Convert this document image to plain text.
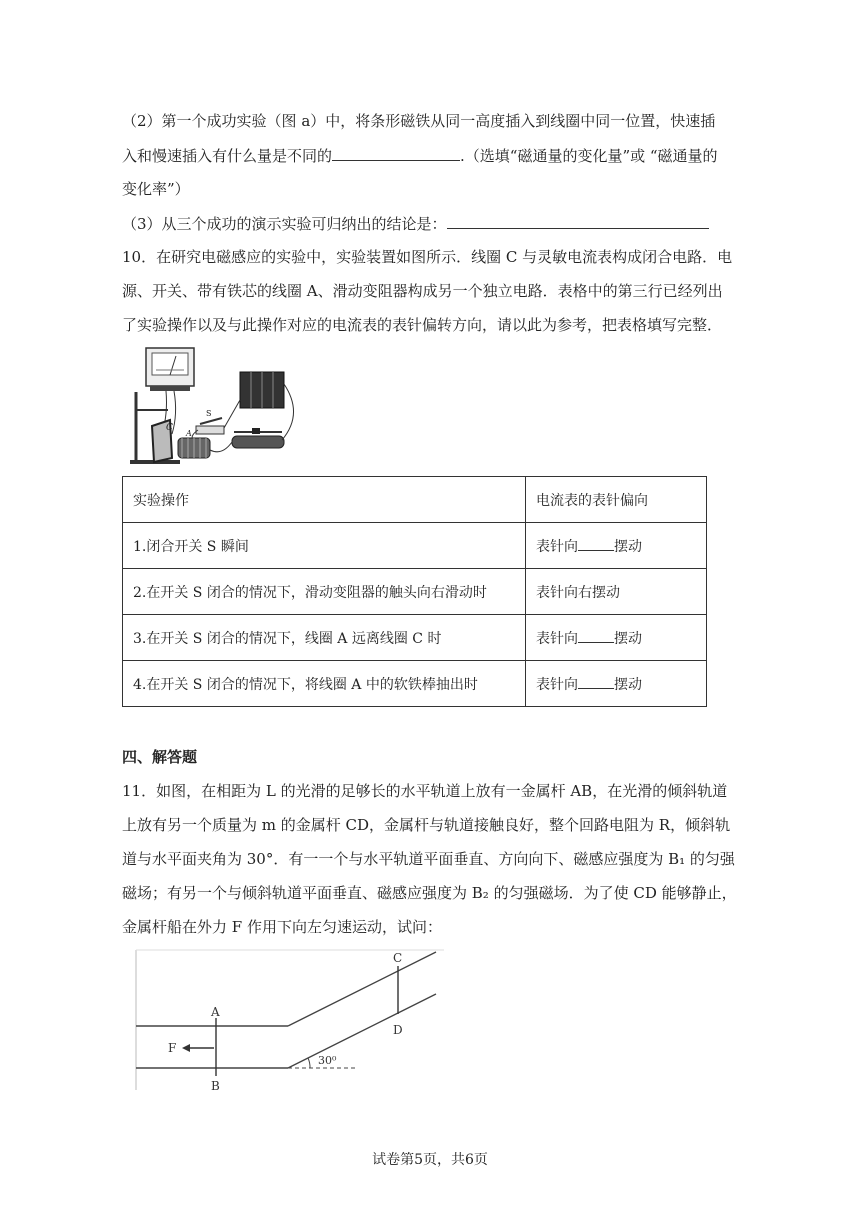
（2）第一个成功实验（图 a）中，将条形磁铁从同一高度插入到线圈中同一位置，快速插
入和慢速插入有什么量是不同的	.（选填“磁通量的变化量”或 “磁通量的
变化率”）
（3）从三个成功的演示实验可归纳出的结论是：
10．在研究电磁感应的实验中，实验装置如图所示．线圈 C 与灵敏电流表构成闭合电路．电
源、开关、带有铁芯的线圈 A、滑动变阻器构成另一个独立电路．表格中的第三行已经列出
了实验操作以及与此操作对应的电流表的表针偏转方向，请以此为参考，把表格填写完整．
C
A
S
实验操作	电流表的表针偏向
1.闭合开关 S 瞬间	表针向 摆动
2.在开关 S 闭合的情况下，滑动变阻器的触头向右滑动时	表针向右摆动
3.在开关 S 闭合的情况下，线圈 A 远离线圈 C 时	表针向 摆动
4.在开关 S 闭合的情况下，将线圈 A 中的软铁棒抽出时	表针向 摆动
四、解答题
11．如图，在相距为 L 的光滑的足够长的水平轨道上放有一金属杆 AB，在光滑的倾斜轨道
上放有另一个质量为 m 的金属杆 CD，金属杆与轨道接触良好，整个回路电阻为 R，倾斜轨
道与水平面夹角为 30°．有一一个与水平轨道平面垂直、方向向下、磁感应强度为 B₁ 的匀强
磁场；有另一个与倾斜轨道平面垂直、磁感应强度为 B₂ 的匀强磁场．为了使 CD 能够静止，
金属杆船在外力 F 作用下向左匀速运动，试问：
30⁰
A
B
F
C
D
试卷第5页，共6页
